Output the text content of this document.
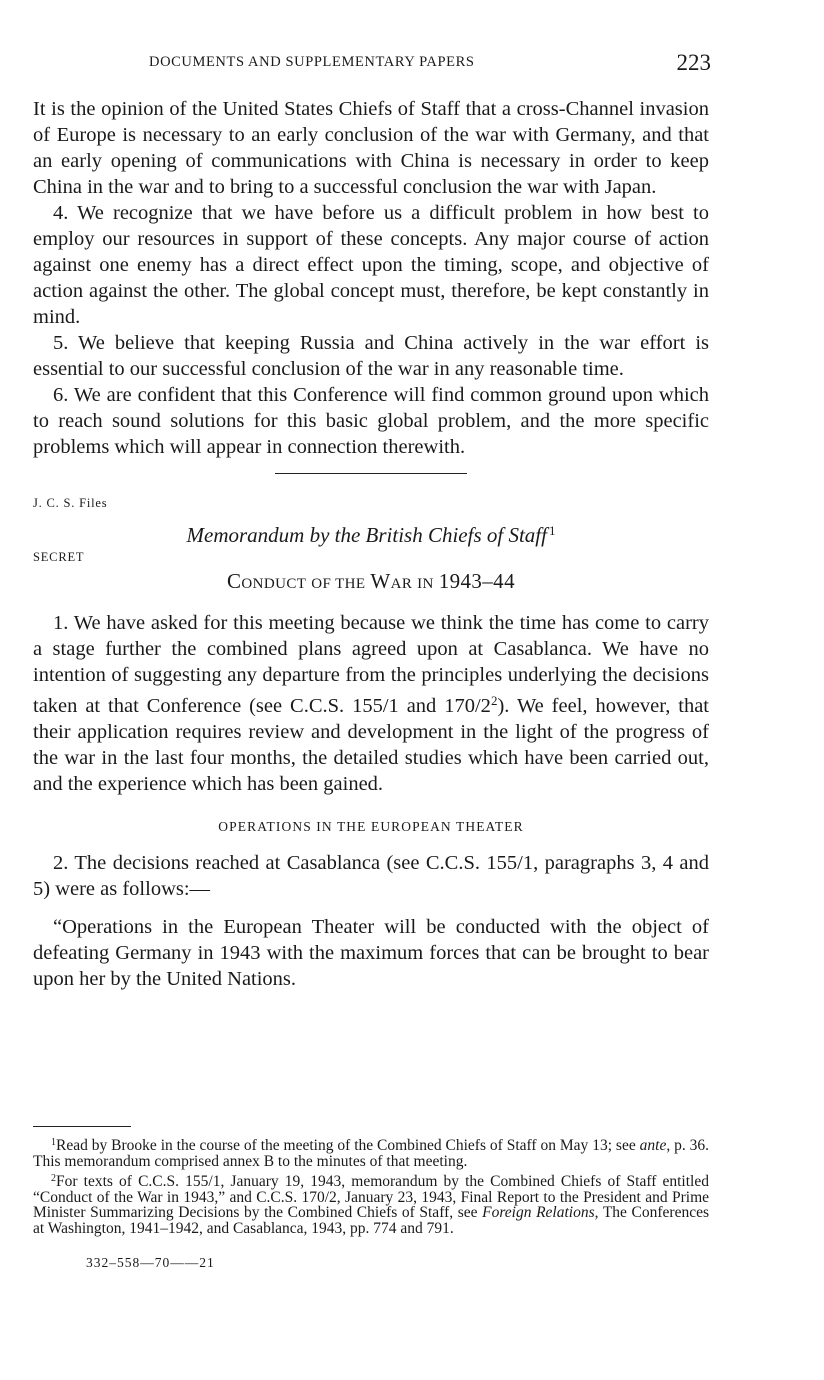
DOCUMENTS AND SUPPLEMENTARY PAPERS	223

It is the opinion of the United States Chiefs of Staff that a cross-Channel invasion of Europe is necessary to an early conclusion of the war with Germany, and that an early opening of communications with China is necessary in order to keep China in the war and to bring to a successful conclusion the war with Japan.

4. We recognize that we have before us a difficult problem in how best to employ our resources in support of these concepts. Any major course of action against one enemy has a direct effect upon the timing, scope, and objective of action against the other. The global concept must, therefore, be kept constantly in mind.

5. We believe that keeping Russia and China actively in the war effort is essential to our successful conclusion of the war in any reasonable time.

6. We are confident that this Conference will find common ground upon which to reach sound solutions for this basic global problem, and the more specific problems which will appear in connection therewith.

J. C. S. Files

Memorandum by the British Chiefs of Staff $^1$

SECRET

CONDUCT OF THE WAR IN 1943–44

1. We have asked for this meeting because we think the time has come to carry a stage further the combined plans agreed upon at Casablanca. We have no intention of suggesting any departure from the principles underlying the decisions taken at that Conference (see C.C.S. 155/1 and 170/2$^2$). We feel, however, that their application requires review and development in the light of the progress of the war in the last four months, the detailed studies which have been carried out, and the experience which has been gained.

OPERATIONS IN THE EUROPEAN THEATER

2. The decisions reached at Casablanca (see C.C.S. 155/1, paragraphs 3, 4 and 5) were as follows:—

“Operations in the European Theater will be conducted with the object of defeating Germany in 1943 with the maximum forces that can be brought to bear upon her by the United Nations.

$^1$Read by Brooke in the course of the meeting of the Combined Chiefs of Staff on May 13; see ante, p. 36. This memorandum comprised annex B to the minutes of that meeting.

$^2$For texts of C.C.S. 155/1, January 19, 1943, memorandum by the Combined Chiefs of Staff entitled “Conduct of the War in 1943,” and C.C.S. 170/2, January 23, 1943, Final Report to the President and Prime Minister Summarizing Decisions by the Combined Chiefs of Staff, see Foreign Relations, The Conferences at Washington, 1941–1942, and Casablanca, 1943, pp. 774 and 791.

332–558—70——21
